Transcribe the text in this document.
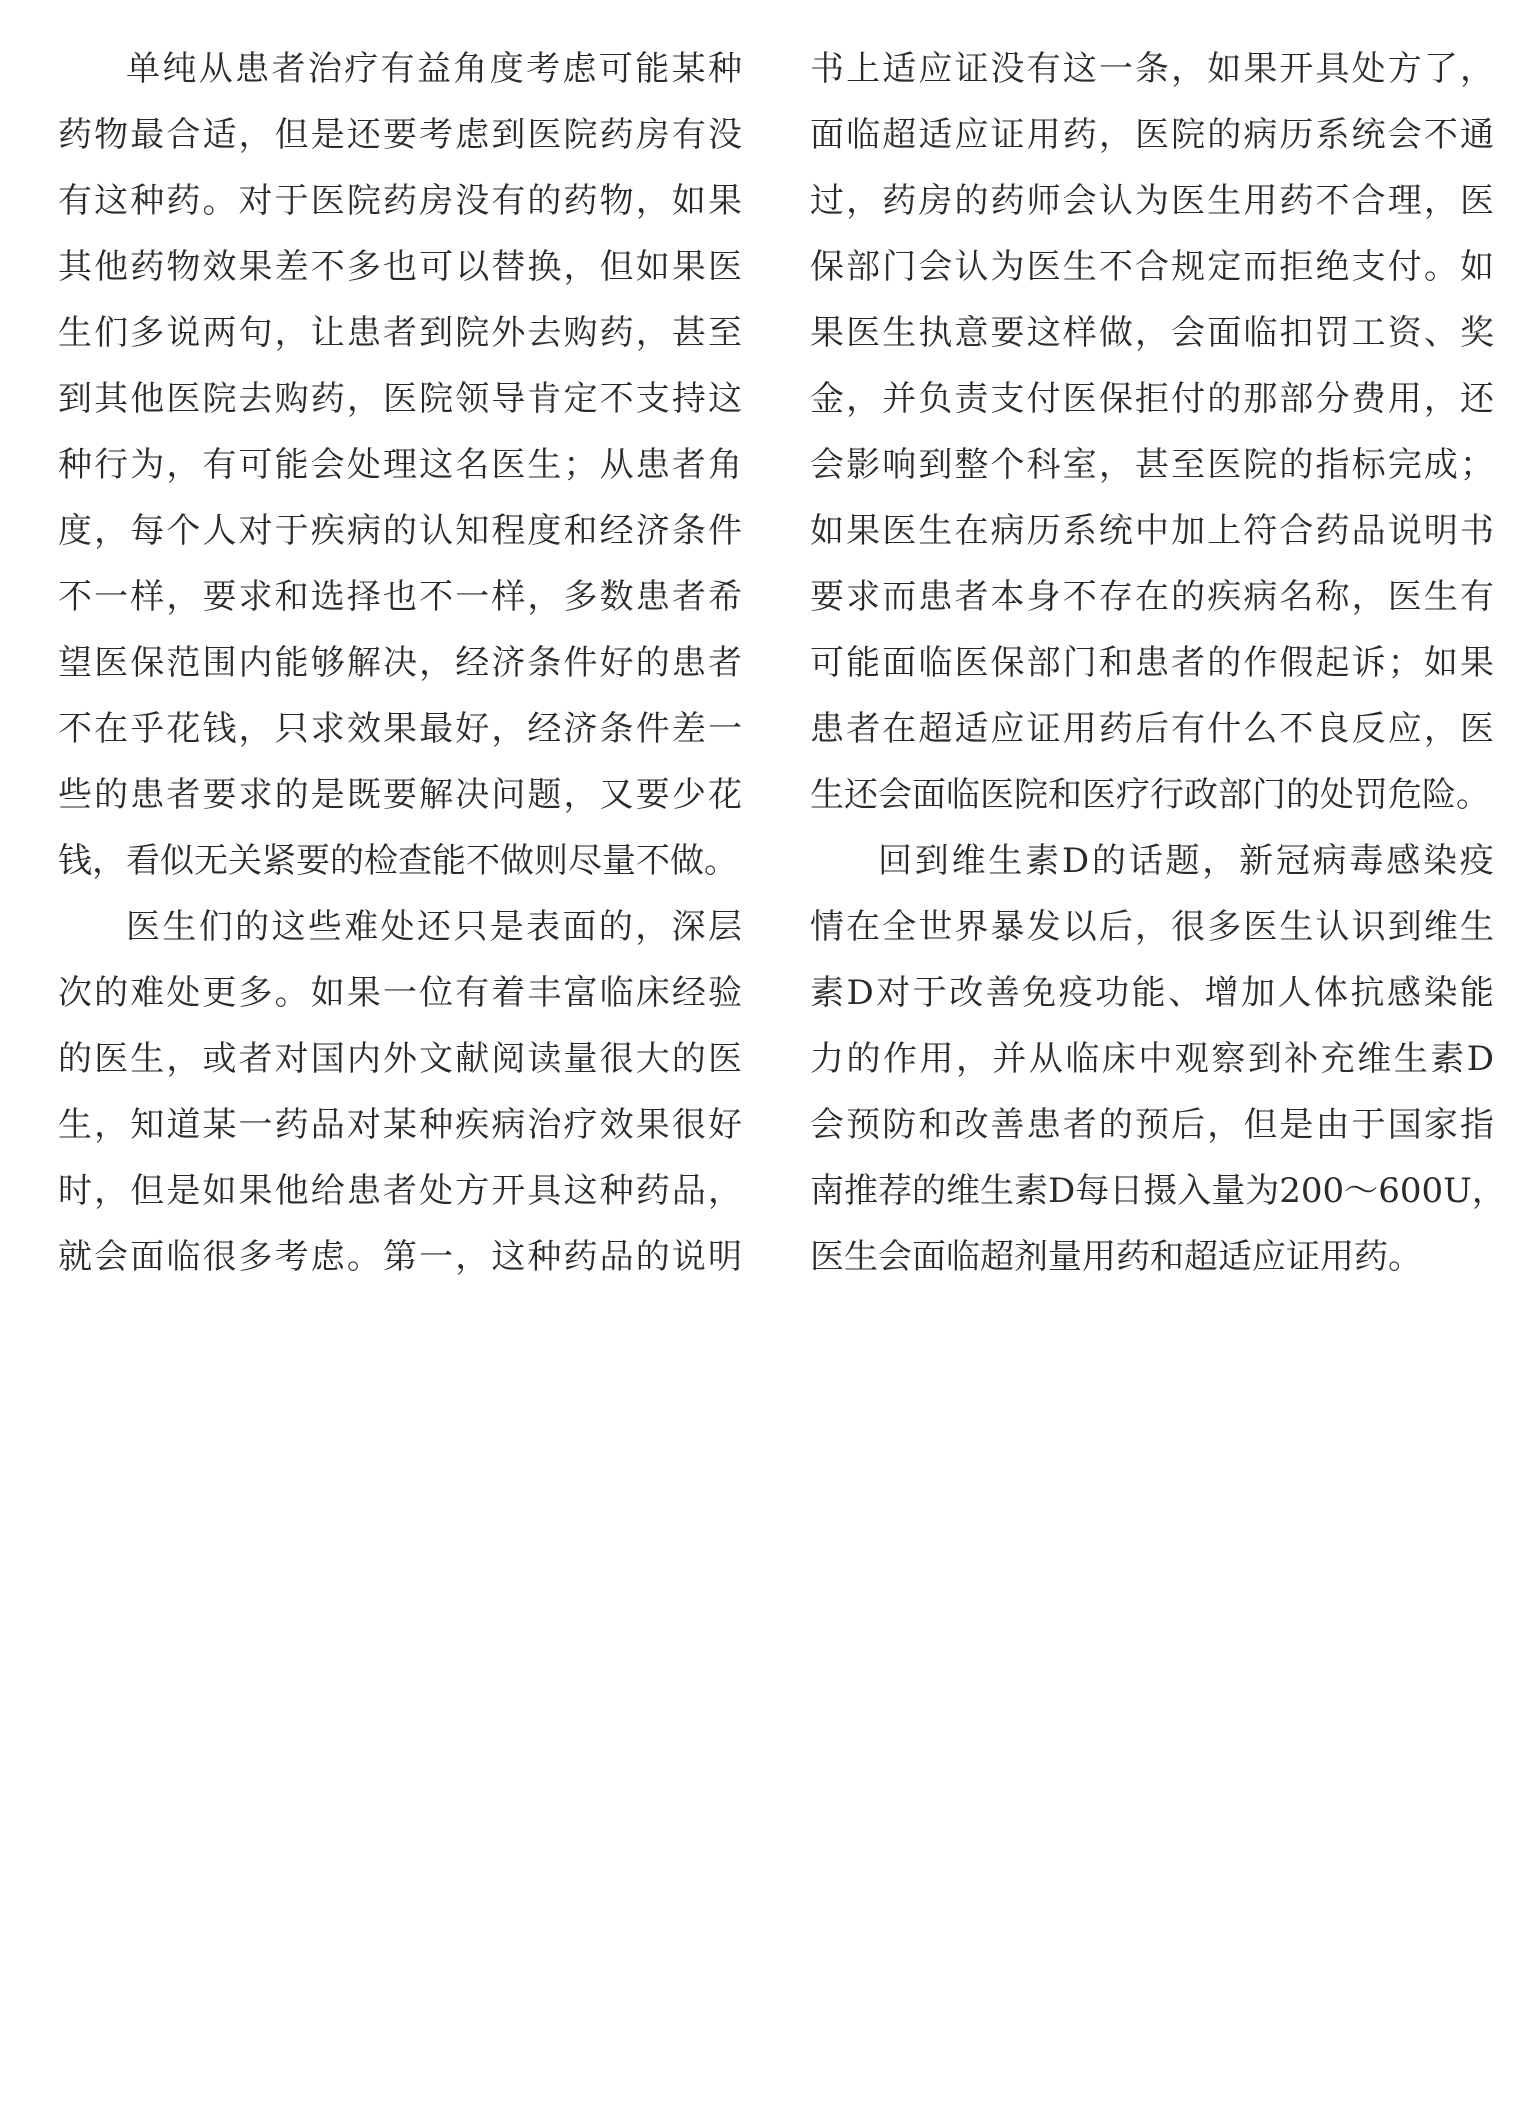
单 纯 从 患 者 治 疗 有 益 角 度 考 虑 可 能 某 种
药 物 最 合 适 ， 但 是 还 要 考 虑 到 医 院 药 房 有 没
有 这 种 药 。 对 于 医 院 药 房 没 有 的 药 物 ， 如 果
其 他 药 物 效 果 差 不 多 也 可 以 替 换 ， 但 如 果 医
生 们 多 说 两 句 ， 让 患 者 到 院 外 去 购 药 ， 甚 至
到 其 他 医 院 去 购 药 ， 医 院 领 导 肯 定 不 支 持 这
种 行 为 ， 有 可 能 会 处 理 这 名 医 生 ； 从 患 者 角
度 ， 每 个 人 对 于 疾 病 的 认 知 程 度 和 经 济 条 件
不 一 样 ， 要 求 和 选 择 也 不 一 样 ， 多 数 患 者 希
望 医 保 范 围 内 能 够 解 决 ， 经 济 条 件 好 的 患 者
不 在 乎 花 钱 ， 只 求 效 果 最 好 ， 经 济 条 件 差 一
些 的 患 者 要 求 的 是 既 要 解 决 问 题 ， 又 要 少 花
钱，看似无关紧要的检查能不做则尽量不做。
医 生 们 的 这 些 难 处 还 只 是 表 面 的 ， 深 层
次 的 难 处 更 多 。 如 果 一 位 有 着 丰 富 临 床 经 验
的 医 生 ， 或 者 对 国 内 外 文 献 阅 读 量 很 大 的 医
生 ， 知 道 某 一 药 品 对 某 种 疾 病 治 疗 效 果 很 好
时 ， 但 是 如 果 他 给 患 者 处 方 开 具 这 种 药 品 ，
就 会 面 临 很 多 考 虑 。 第 一 ， 这 种 药 品 的 说 明
书 上 适 应 证 没 有 这 一 条 ， 如 果 开 具 处 方 了 ，
面 临 超 适 应 证 用 药 ， 医 院 的 病 历 系 统 会 不 通
过 ， 药 房 的 药 师 会 认 为 医 生 用 药 不 合 理 ， 医
保 部 门 会 认 为 医 生 不 合 规 定 而 拒 绝 支 付 。 如
果 医 生 执 意 要 这 样 做 ， 会 面 临 扣 罚 工 资 、 奖
金 ， 并 负 责 支 付 医 保 拒 付 的 那 部 分 费 用 ， 还
会 影 响 到 整 个 科 室 ， 甚 至 医 院 的 指 标 完 成 ；
如 果 医 生 在 病 历 系 统 中 加 上 符 合 药 品 说 明 书
要 求 而 患 者 本 身 不 存 在 的 疾 病 名 称 ， 医 生 有
可 能 面 临 医 保 部 门 和 患 者 的 作 假 起 诉 ； 如 果
患 者 在 超 适 应 证 用 药 后 有 什 么 不 良 反 应 ， 医
生还会面临医院和医疗行政部门的处罚危险。
回 到 维 生 素 D 的 话 题 ， 新 冠 病 毒 感 染 疫
情 在 全 世 界 暴 发 以 后 ， 很 多 医 生 认 识 到 维 生
素 D 对 于 改 善 免 疫 功 能 、 增 加 人 体 抗 感 染 能
力 的 作 用 ， 并 从 临 床 中 观 察 到 补 充 维 生 素 D
会 预 防 和 改 善 患 者 的 预 后 ， 但 是 由 于 国 家 指
南 推 荐 的 维 生 素 D 每 日 摄 入 量 为 2 0 0 ～ 6 0 0 U ，
医生会面临超剂量用药和超适应证用药。
